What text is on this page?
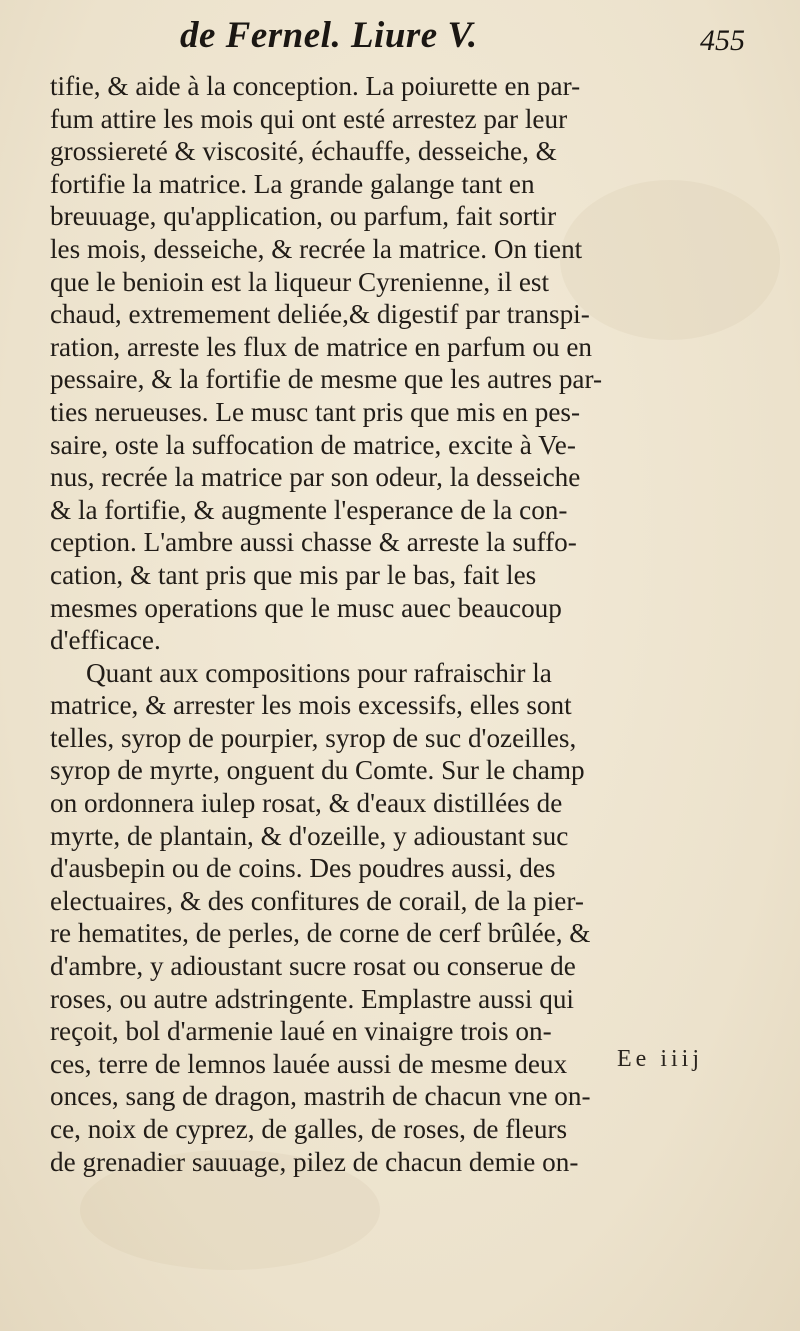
de Fernel. Liure V.	455
tifie, & aide à la conception. La poiurette en par-
fum attire les mois qui ont esté arrestez par leur
grossiereté & viscosité, échauffe, desseiche, &
fortifie la matrice. La grande galange tant en
breuuage, qu'application, ou parfum, fait sortir
les mois, desseiche, & recrée la matrice. On tient
que le benioin est la liqueur Cyrenienne, il est
chaud, extremement deliée,& digestif par transpi-
ration, arreste les flux de matrice en parfum ou en
pessaire, & la fortifie de mesme que les autres par-
ties nerueuses. Le musc tant pris que mis en pes-
saire, oste la suffocation de matrice, excite à Ve-
nus, recrée la matrice par son odeur, la desseiche
& la fortifie, & augmente l'esperance de la con-
ception. L'ambre aussi chasse & arreste la suffo-
cation, & tant pris que mis par le bas, fait les
mesmes operations que le musc auec beaucoup
d'efficace.
Quant aux compositions pour rafraischir la
matrice, & arrester les mois excessifs, elles sont
telles, syrop de pourpier, syrop de suc d'ozeilles,
syrop de myrte, onguent du Comte. Sur le champ
on ordonnera iulep rosat, & d'eaux distillées de
myrte, de plantain, & d'ozeille, y adioustant suc
d'ausbepin ou de coins. Des poudres aussi, des
electuaires, & des confitures de corail, de la pier-
re hematites, de perles, de corne de cerf brûlée, &
d'ambre, y adioustant sucre rosat ou conserue de
roses, ou autre adstringente. Emplastre aussi qui
reçoit, bol d'armenie laué en vinaigre trois on-
ces, terre de lemnos lauée aussi de mesme deux
onces, sang de dragon, mastrih de chacun vne on-
ce, noix de cyprez, de galles, de roses, de fleurs
de grenadier sauuage, pilez de chacun demie on-
Ee iiij
